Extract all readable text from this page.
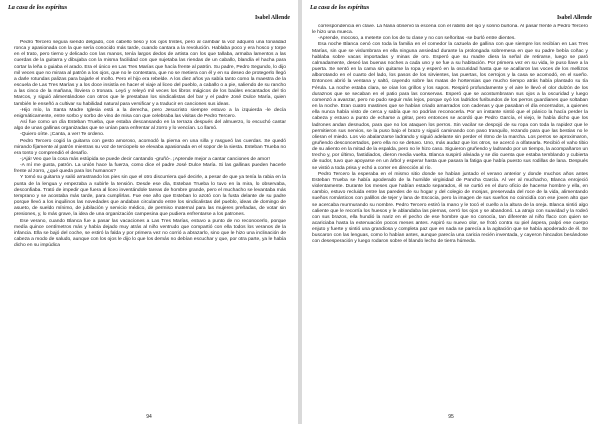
La casa de los espíritus
Isabel Allende

Pedro Tercero seguía siendo delgado, con cabello tieso y los ojos tristes, pero al cambiar la voz adquirió una tonalidad ronca y apasionada con la que sería conocido más tarde, cuando cantara a la revolución. Hablaba poco y era hosco y torpe en el trato, pero tierno y delicado con las manos, tenía largos dedos de artista con los que tallaba, armaba lamentos a las cuerdas de la guitarra y dibujaba con la misma facilidad con que sujetaba las riendas de un caballo, blandía el hacha para cortar la leña o guiaba el arado. Era el único en Las Tres Marías que hacía frente al patrón. Su padre, Pedro Segundo, lo dijo mil veces que no mirara al patrón a los ojos, que no le contestara, que no se metiera con él y en su deseo de protegerlo llegó a darle rotundas palizas para bajarle el moño. Pero el hijo era rebelde. A los diez años ya sabía tanto como la maestra de la escuela de Las Tres Marías y a los doce insistía en hacer el viaje al liceo del pueblo, a caballo o a pie, saliendo de su rancho a las cinco de la mañana, lloviera o tronara. Leyó y releyó mil veces los libros mágicos de los baúles encantados del tío Marcos, y siguió alimentándose con otros que le prestaban los sindicalistas del bar y el padre José Dulce María, quien también le enseñó a cultivar su habilidad natural para versificar y a traducir en canciones sus ideas.

-Hijo mío, la Santa Madre Iglesia está a la derecha, pero Jesucristo siempre estuvo a la izquierda -le decía enigmáticamente, entre sorbo y sorbo de vino de misa con que celebraba las visitas de Pedro Tercero.

Así fue como un día Esteban Trueba, que estaba descansando en la terraza después del almuerzo, lo escuchó cantar algo de unas gallinas organizadas que se unían para enfrentar al zorro y lo vencían. Lo llamó.

-Quiero oírte. ¡Canta, a ver! Te ordeno.

Pedro Tercero cogió la guitarra con gesto amoroso, acomodó la pierna en una silla y rasgueó las cuerdas. Se quedó mirando fijamente al patrón mientras su voz de terciopelo se elevaba apasionada en el sopor de la siesta. Esteban Trueba no era tonto y comprendió el desafío.

-¡Ajá! Veo que la cosa más estúpida se puede decir cantando -gruñó-. ¡Aprende mejor a cantar canciones de amor!

-A mí me gusta, patrón. La unión hace la fuerza, como dice el padre José Dulce María. Si las gallinas pueden hacerle frente al zorro, ¿qué queda para los humanos?

Y tomó su guitarra y salió arrastrando los pies sin que el otro discurriera qué decirle, a pesar de que ya tenía la rabia en la punta de la lengua y empezaba a subirle la tensión. Desde ese día, Esteban Trueba lo tuvo en la mira, lo observaba, desconfiaba. Trató de impedir que fuera al liceo inventándole tareas de hombre grande, pero el muchacho se levantaba más temprano y se acostaba más tarde, para cumplirlas. Fue ese año que Esteban lo azotó con la fusta delante de su padre porque llevó a los inquilinos las novedades que andaban circulando entre los sindicalistas del pueblo, ideas de domingo de asueto, de sueldo mínimo, de jubilación y servicio médico, de permiso maternal para las mujeres preñadas, de votar sin presiones, y, lo más grave, la idea de una organización campesina que pudiera enfrentarse a los patrones.

Ese verano, cuando Blanca fue a pasar las vacaciones a Las Tres Marías, estuvo a punto de no reconocerlo, porque medía quince centímetros más y había dejado muy atrás al niño ventrudo que compartió con ella todos los veranos de la infancia. Ella se bajó del coche, se estiró la falda y por primera vez no corrió a abrazarlo, sino que le hizo una inclinación de cabeza a modo de saludo, aunque con los ojos le dijo lo que los demás no debían escuchar y que, por otra parte, ya le había dicho en su impúdica

94
La casa de los espíritus
Isabel Allende

correspondencia en clave. La Nana observó la escena con el rabillo del ojo y sonrió burlona. Al pasar frente a Pedro Tercero le hizo una mueca.

-Aprende, mocoso, a meterte con los de tu clase y no con señoritas -se burló entre dientes.

Esa noche Blanca cenó con toda la familia en el comedor la cazuela de gallina con que siempre los recibían en Las Tres Marías, sin que se vislumbrara en ella ninguna ansiedad durante la prolongada sobremesa en que su padre bebía coñac y hablaba sobre vacas importadas y minas de oro. Esperó que su madre diera la señal de retirarse, luego se paró calmadamente, deseó las buenas noches a cada uno y se fue a su habitación. Por primera vez en su vida, le puso llave a la puerta. Se sentó en la cama sin quitarse la ropa y esperó en la oscuridad hasta que se acallaron las voces de los mellizos alborotando en el cuarto del lado, los pasos de los sirvientes, las puertas, los cerrojos y la casa se acomodó, en el sueño. Entonces abrió la ventana y saltó, cayendo sobre las matas de hortensias que mucho tiempo atrás había plantado su tía Férula. La noche estaba clara, se oían los grillos y los sapos. Respiró profundamente y el aire le llevó el olor dulzón de los duraznos que se secaban en el patio para las conservas. Esperó que se acostumbraran sus ojos a la oscuridad y luego comenzó a avanzar, pero no pudo seguir más lejos, porque oyó los ladridos furibundos de los perros guardianes que soltaban en la noche. Eran cuatro mastines que se habían criado amarrados con cadenas y que pasaban el día encerrados, a quienes ella nunca había visto de cerca y sabía que no podrían reconocerla. Por un instante sintió que el pánico la hacía perder la cabeza y estuvo a punto de echarse a gritar, pero entonces se acordó que Pedro García, el viejo, le había dicho que los ladrones andan desnudos, para que no los ataquen los perros. Sin vacilar se despojó de su ropa con toda la rapidez que le permitieron sus nervios, se la puso bajo el brazo y siguió caminando con paso tranquilo, rezando para que las bestias no le olieran el miedo. Los vio abalanzarse ladrando y siguió adelante sin perder el ritmo de la marcha. Los perros se aproximaron, gruñendo desconcertados, pero ella no se detuvo. Uno, más audaz que los otros, se acercó a olfatearla. Recibió el vaho tibio de su aliento en la mitad de la espalda, pero no le hizo caso. Siguieron gruñendo y ladrando por un tiempo, la acompañaron un trecho y, por último, fastidiados, dieron media vuelta. Blanca suspiró aliviada y se dio cuenta que estaba temblando y cubierta de sudor, tuvo que apoyarse en un árbol y esperar hasta que pasara la fatiga que había puesto sus rodillas de lana. Después se vistió a toda prisa y echó a correr en dirección al río.

Pedro Tercero la esperaba en el mismo sitio donde se habían juntado el verano anterior y donde muchos años antes Esteban Trueba se había apoderado de la humilde virginidad de Pancha García. Al ver al muchacho, Blanca enrojeció violentamente. Durante los meses que habían estado separados, él se curtió en el duro oficio de hacerse hombre y ella, en cambio, estuvo recluida entre las paredes de su hogar y del colegio de monjas, preservada del roce de la vida, alimentando sueños románticos con palillos de tejer y lana de Escocia, pero la imagen de sus sueños no coincidía con ese joven alto que se acercaba murmurando su nombre. Pedro Tercero estiró la mano y le tocó el cuello a la altura de la oreja. Blanca sintió algo caliente que le recorría los huesos y le ablandaba las piernas, cerró los ojos y se abandonó. La atrajo con suavidad y la rodeó con sus brazos, ella hundió la nariz en el pecho de ese hombre que no conocía, tan diferente al niño flaco con quien se acariciaba hasta la extenuación pocos meses antes. Aspiró su nuevo olor, se frotó contra su piel áspera, palpó ese cuerpo enjuto y fuerte y sintió una grandiosa y completa paz que en nada se parecía a la agitación que se había apoderado de él. Se buscaron con las lenguas, como lo habían antes, aunque parecía una caricia recién inventada, y cayeron hincados besándose con desesperación y luego rodaron sobre el blando lecho de tierra húmeda.

95
